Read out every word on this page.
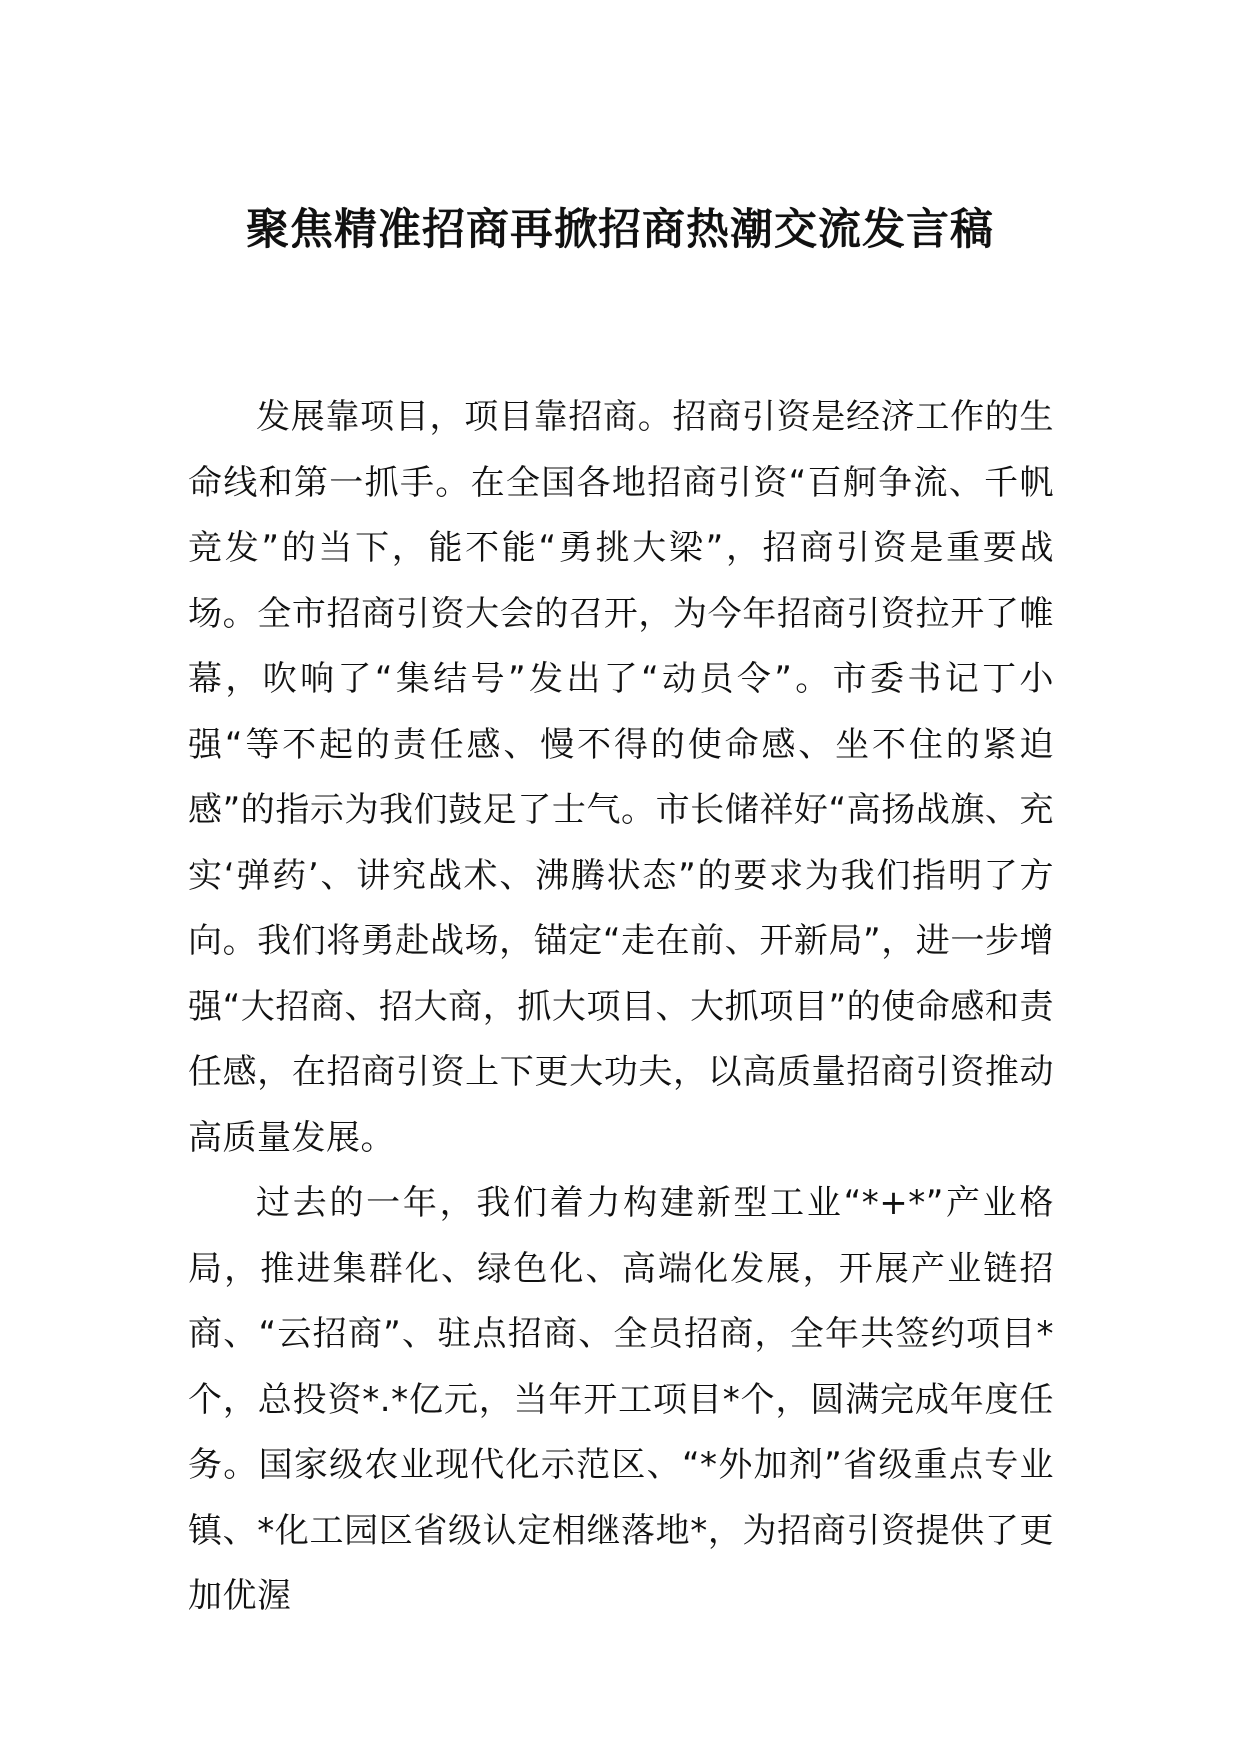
聚焦精准招商再掀招商热潮交流发言稿

发展靠项目，项目靠招商。招商引资是经济工作的生命线和第一抓手。在全国各地招商引资“百舸争流、千帆竞发”的当下，能不能“勇挑大梁”，招商引资是重要战场。全市招商引资大会的召开，为今年招商引资拉开了帷幕，吹响了“集结号”发出了“动员令”。市委书记丁小强“等不起的责任感、慢不得的使命感、坐不住的紧迫感”的指示为我们鼓足了士气。市长储祥好“高扬战旗、充实‘弹药’、讲究战术、沸腾状态”的要求为我们指明了方向。我们将勇赴战场，锚定“走在前、开新局”，进一步增强“大招商、招大商，抓大项目、大抓项目”的使命感和责任感，在招商引资上下更大功夫，以高质量招商引资推动高质量发展。

过去的一年，我们着力构建新型工业“*+*”产业格局，推进集群化、绿色化、高端化发展，开展产业链招商、“云招商”、驻点招商、全员招商，全年共签约项目*个，总投资*.*亿元，当年开工项目*个，圆满完成年度任务。国家级农业现代化示范区、“*外加剂”省级重点专业镇、*化工园区省级认定相继落地*，为招商引资提供了更加优渥
